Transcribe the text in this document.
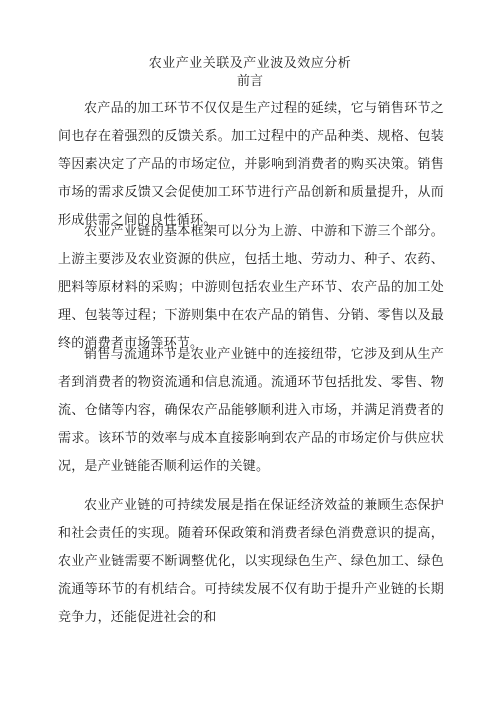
农业产业关联及产业波及效应分析
前言

农产品的加工环节不仅仅是生产过程的延续，它与销售环节之间也存在着强烈的反馈关系。加工过程中的产品种类、规格、包装等因素决定了产品的市场定位，并影响到消费者的购买决策。销售市场的需求反馈又会促使加工环节进行产品创新和质量提升，从而形成供需之间的良性循环。

农业产业链的基本框架可以分为上游、中游和下游三个部分。上游主要涉及农业资源的供应，包括土地、劳动力、种子、农药、肥料等原材料的采购；中游则包括农业生产环节、农产品的加工处理、包装等过程；下游则集中在农产品的销售、分销、零售以及最终的消费者市场等环节。

销售与流通环节是农业产业链中的连接纽带，它涉及到从生产者到消费者的物资流通和信息流通。流通环节包括批发、零售、物流、仓储等内容，确保农产品能够顺利进入市场，并满足消费者的需求。该环节的效率与成本直接影响到农产品的市场定价与供应状况，是产业链能否顺利运作的关键。

农业产业链的可持续发展是指在保证经济效益的兼顾生态保护和社会责任的实现。随着环保政策和消费者绿色消费意识的提高，农业产业链需要不断调整优化，以实现绿色生产、绿色加工、绿色流通等环节的有机结合。可持续发展不仅有助于提升产业链的长期竞争力，还能促进社会的和
